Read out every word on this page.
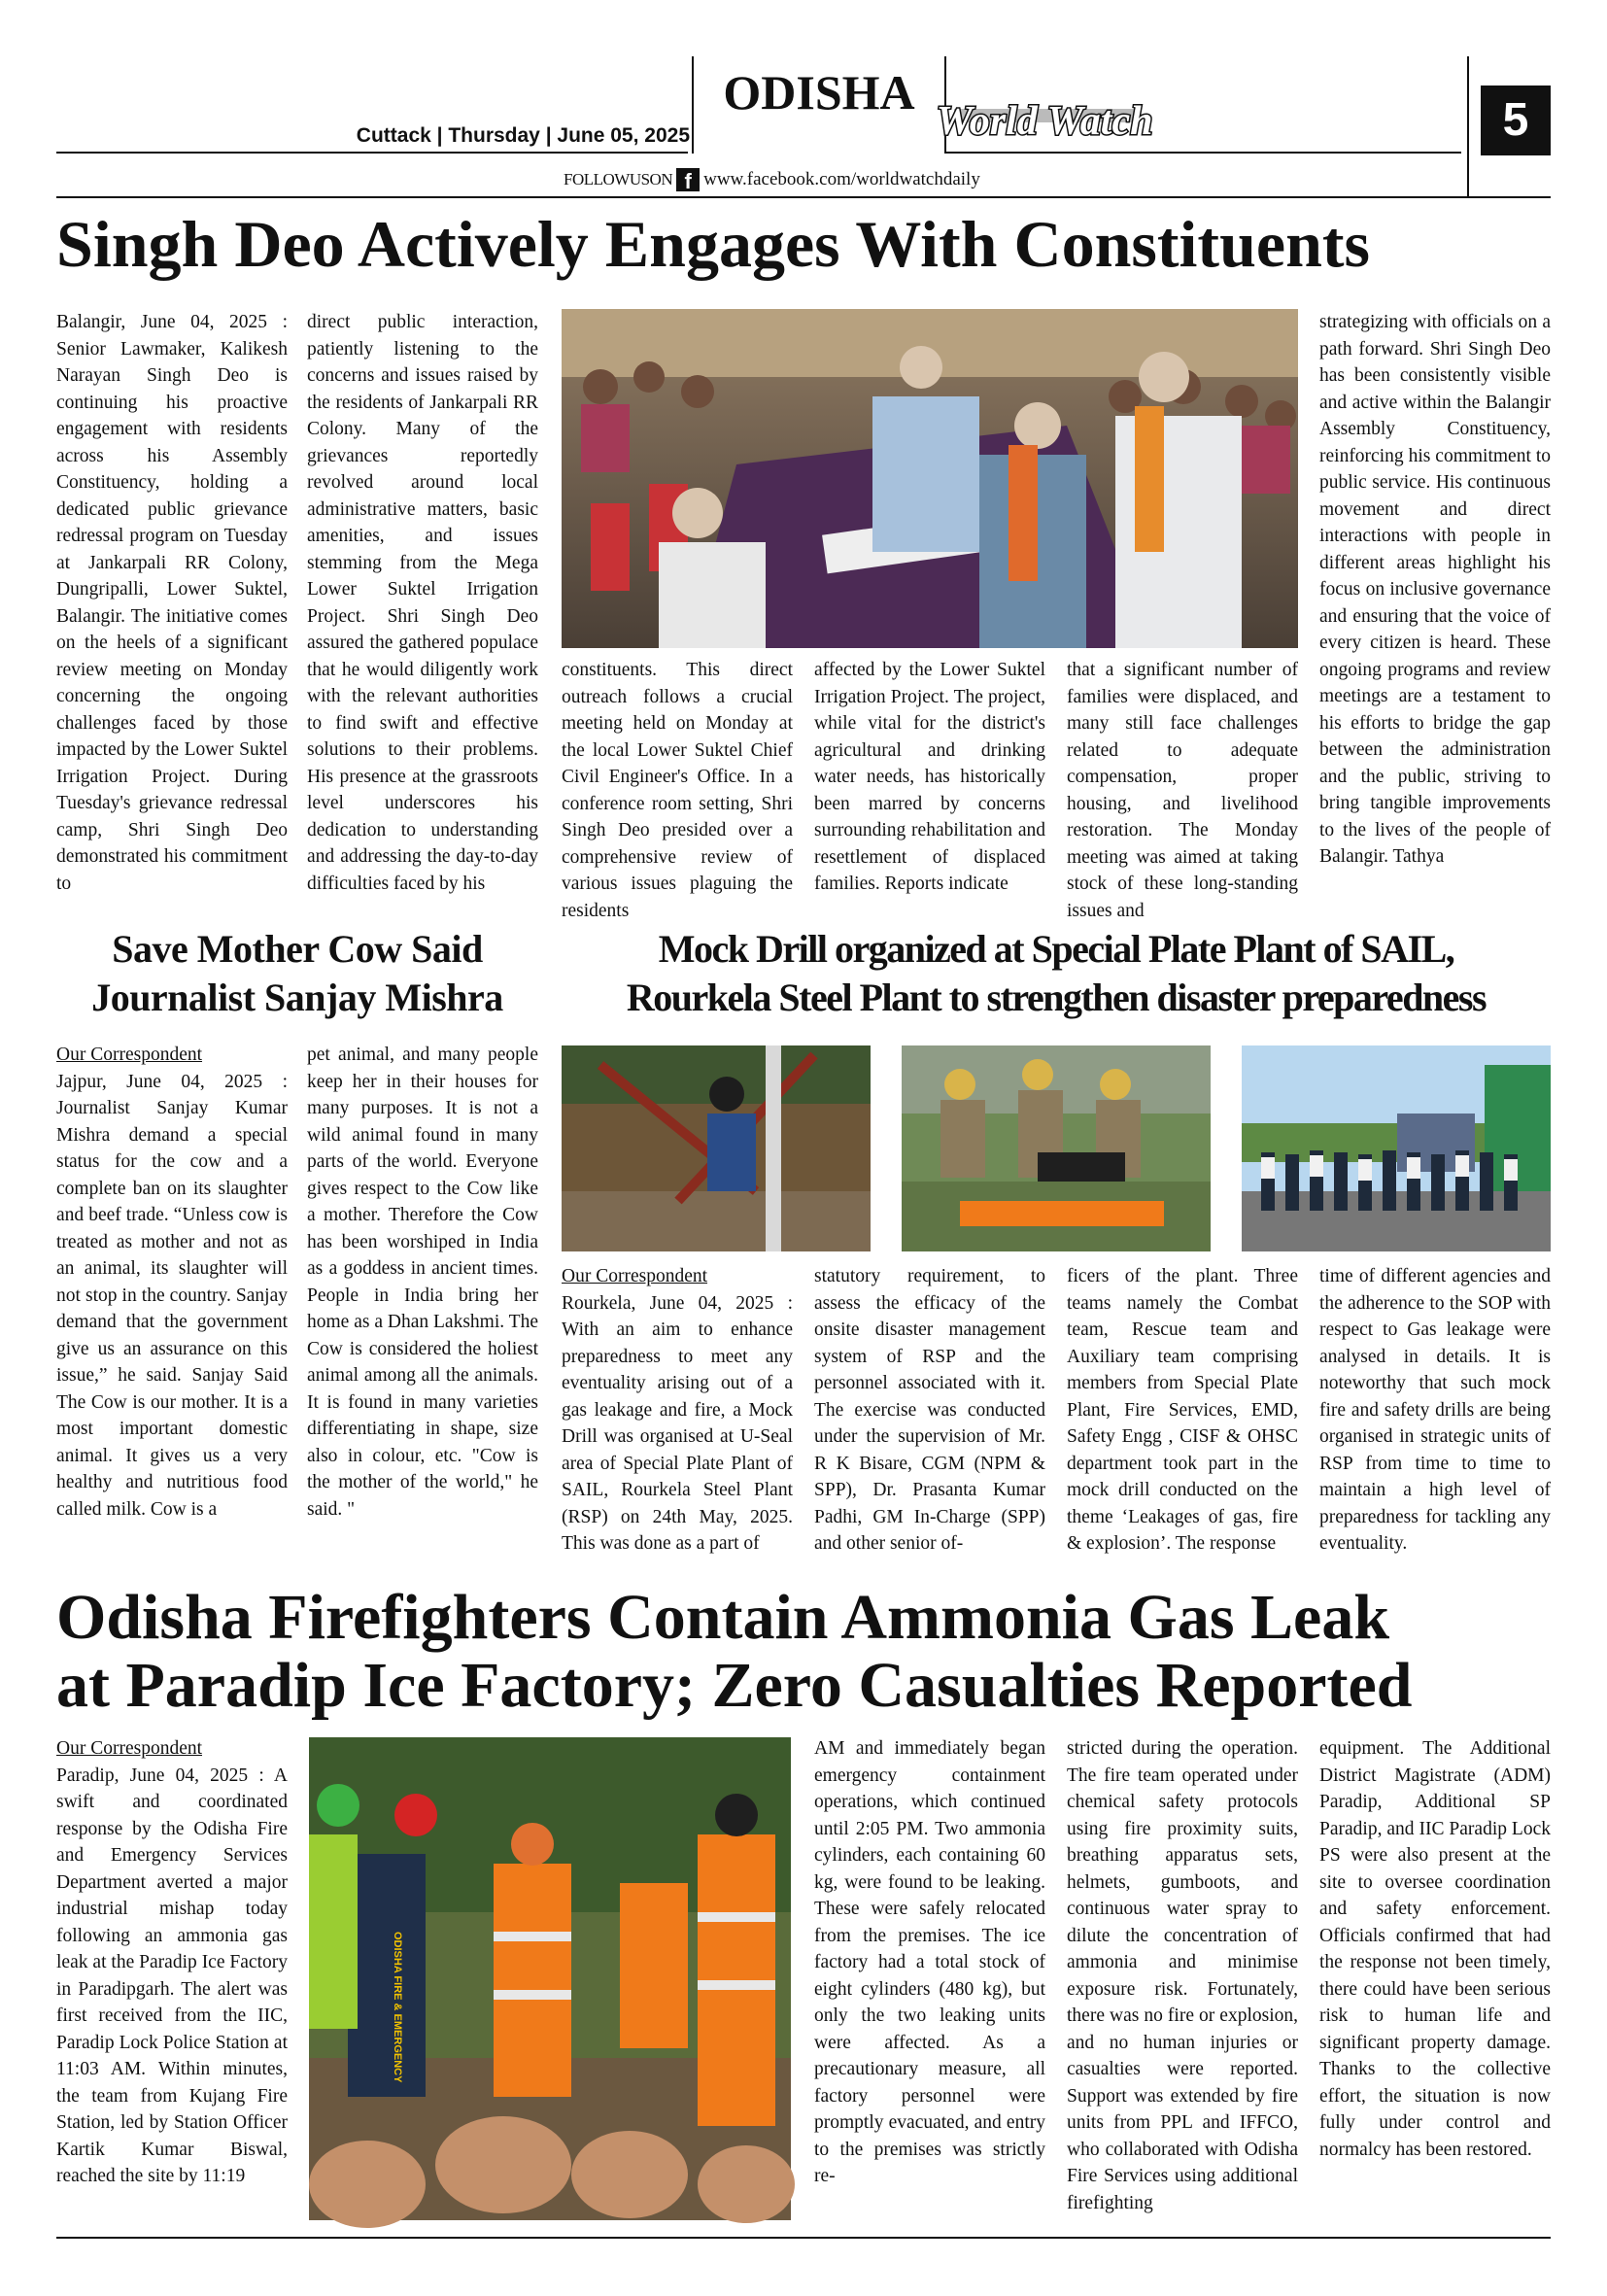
Cuttack | Thursday | June 05, 2025
ODISHA
World Watch	5
FOLLOWUSON f www.facebook.com/worldwatchdaily
Singh Deo Actively Engages With Constituents
Balangir, June 04, 2025 : Senior Lawmaker, Kalikesh Narayan Singh Deo is continuing his proactive engagement with residents across his Assembly Constituency, holding a dedicated public grievance redressal program on Tuesday at Jankarpali RR Colony, Dungripalli, Lower Suktel, Balangir. The initiative comes on the heels of a significant review meeting on Monday concerning the ongoing challenges faced by those impacted by the Lower Suktel Irrigation Project. During Tuesday's grievance redressal camp, Shri Singh Deo demonstrated his commitment to
direct public interaction, patiently listening to the concerns and issues raised by the residents of Jankarpali RR Colony. Many of the grievances reportedly revolved around local administrative matters, basic amenities, and issues stemming from the Mega Lower Suktel Irrigation Project. Shri Singh Deo assured the gathered populace that he would diligently work with the relevant authorities to find swift and effective solutions to their problems. His presence at the grassroots level underscores his dedication to understanding and addressing the day-to-day difficulties faced by his
constituents. This direct outreach follows a crucial meeting held on Monday at the local Lower Suktel Chief Civil Engineer's Office. In a conference room setting, Shri Singh Deo presided over a comprehensive review of various issues plaguing the residents
affected by the Lower Suktel Irrigation Project. The project, while vital for the district's agricultural and drinking water needs, has historically been marred by concerns surrounding rehabilitation and resettlement of displaced families. Reports indicate
that a significant number of families were displaced, and many still face challenges related to adequate compensation, proper housing, and livelihood restoration. The Monday meeting was aimed at taking stock of these long-standing issues and
strategizing with officials on a path forward. Shri Singh Deo has been consistently visible and active within the Balangir Assembly Constituency, reinforcing his commitment to public service. His continuous movement and direct interactions with people in different areas highlight his focus on inclusive governance and ensuring that the voice of every citizen is heard. These ongoing programs and review meetings are a testament to his efforts to bridge the gap between the administration and the public, striving to bring tangible improvements to the lives of the people of Balangir. Tathya
Save Mother Cow Said
Journalist Sanjay Mishra
Our Correspondent

Jajpur, June 04, 2025 : Journalist Sanjay Kumar Mishra demand a special status for the cow and a complete ban on its slaughter and beef trade. “Unless cow is treated as mother and not as an animal, its slaughter will not stop in the country. Sanjay demand that the government give us an assurance on this issue,” he said. Sanjay Said The Cow is our mother. It is a most important domestic animal. It gives us a very healthy and nutritious food called milk. Cow is a

pet animal, and many people keep her in their houses for many purposes. It is not a wild animal found in many parts of the world. Everyone gives respect to the Cow like a mother. Therefore the Cow has been worshiped in India as a goddess in ancient times. People in India bring her home as a Dhan Lakshmi. The Cow is considered the holiest animal among all the animals. It is found in many varieties differentiating in shape, size also in colour, etc. "Cow is the mother of the world," he said. "
Mock Drill organized at Special Plate Plant of SAIL,
Rourkela Steel Plant to strengthen disaster preparedness
Our Correspondent

Rourkela, June 04, 2025 : With an aim to enhance preparedness to meet any eventuality arising out of a gas leakage and fire, a Mock Drill was organised at U-Seal area of Special Plate Plant of SAIL, Rourkela Steel Plant (RSP) on 24th May, 2025. This was done as a part of

statutory requirement, to assess the efficacy of the onsite disaster management system of RSP and the personnel associated with it. The exercise was conducted under the supervision of Mr. R K Bisare, CGM (NPM & SPP), Dr. Prasanta Kumar Padhi, GM In-Charge (SPP) and other senior of-
ficers of the plant. Three teams namely the Combat team, Rescue team and Auxiliary team comprising members from Special Plate Plant, Fire Services, EMD, Safety Engg , CISF & OHSC department took part in the mock drill conducted on the theme ‘Leakages of gas, fire & explosion’. The response
time of different agencies and the adherence to the SOP with respect to Gas leakage were analysed in details. It is noteworthy that such mock fire and safety drills are being organised in strategic units of RSP from time to time to maintain a high level of preparedness for tackling any eventuality.
Odisha Firefighters Contain Ammonia Gas Leak
at Paradip Ice Factory; Zero Casualties Reported
Our Correspondent

Paradip, June 04, 2025 : A swift and coordinated response by the Odisha Fire and Emergency Services Department averted a major industrial mishap today following an ammonia gas leak at the Paradip Ice Factory in Paradipgarh. The alert was first received from the IIC, Paradip Lock Police Station at 11:03 AM. Within minutes, the team from Kujang Fire Station, led by Station Officer Kartik Kumar Biswal, reached the site by 11:19

ODISHA FIRE & EMERGENCY
AM and immediately began emergency containment operations, which continued until 2:05 PM. Two ammonia cylinders, each containing 60 kg, were found to be leaking. These were safely relocated from the premises. The ice factory had a total stock of eight cylinders (480 kg), but only the two leaking units were affected. As a precautionary measure, all factory personnel were promptly evacuated, and entry to the premises was strictly re-
stricted during the operation. The fire team operated under chemical safety protocols using fire proximity suits, breathing apparatus sets, helmets, gumboots, and continuous water spray to dilute the concentration of ammonia and minimise exposure risk. Fortunately, there was no fire or explosion, and no human injuries or casualties were reported. Support was extended by fire units from PPL and IFFCO, who collaborated with Odisha Fire Services using additional firefighting
equipment. The Additional District Magistrate (ADM) Paradip, Additional SP Paradip, and IIC Paradip Lock PS were also present at the site to oversee coordination and safety enforcement. Officials confirmed that had the response not been timely, there could have been serious risk to human life and significant property damage. Thanks to the collective effort, the situation is now fully under control and normalcy has been restored.
